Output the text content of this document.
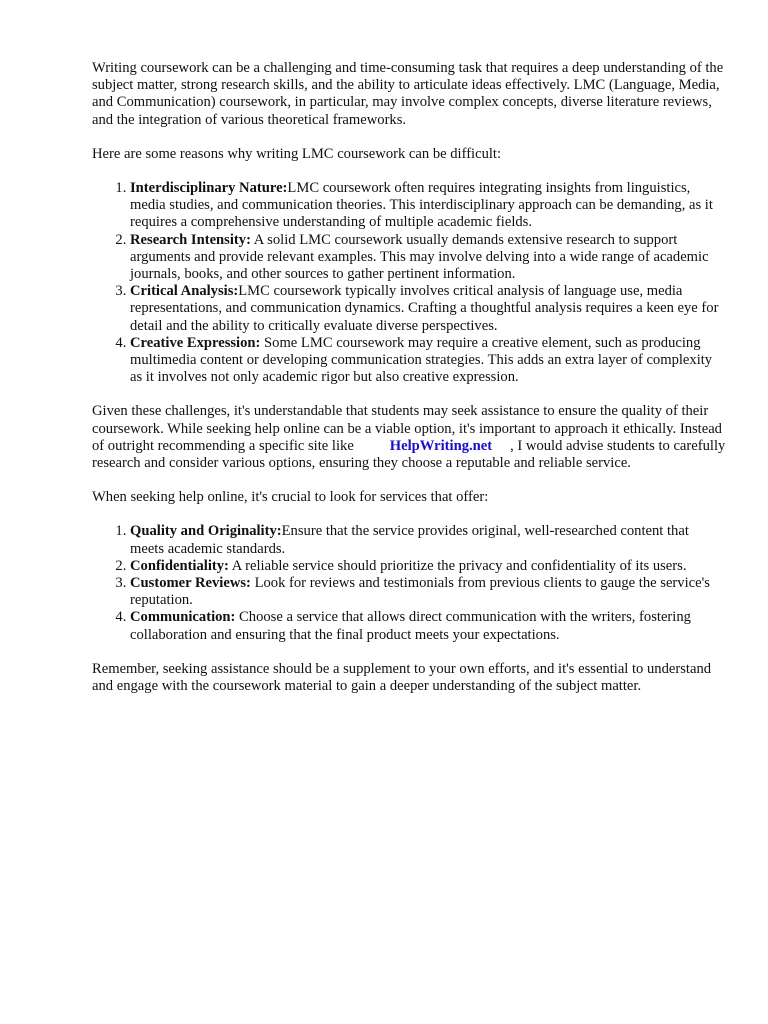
Writing coursework can be a challenging and time-consuming task that requires a deep understanding of the subject matter, strong research skills, and the ability to articulate ideas effectively. LMC (Language, Media, and Communication) coursework, in particular, may involve complex concepts, diverse literature reviews, and the integration of various theoretical frameworks.

Here are some reasons why writing LMC coursework can be difficult:

1. Interdisciplinary Nature:LMC coursework often requires integrating insights from linguistics, media studies, and communication theories. This interdisciplinary approach can be demanding, as it requires a comprehensive understanding of multiple academic fields.
2. Research Intensity: A solid LMC coursework usually demands extensive research to support arguments and provide relevant examples. This may involve delving into a wide range of academic journals, books, and other sources to gather pertinent information.
3. Critical Analysis:LMC coursework typically involves critical analysis of language use, media representations, and communication dynamics. Crafting a thoughtful analysis requires a keen eye for detail and the ability to critically evaluate diverse perspectives.
4. Creative Expression: Some LMC coursework may require a creative element, such as producing multimedia content or developing communication strategies. This adds an extra layer of complexity as it involves not only academic rigor but also creative expression.

Given these challenges, it's understandable that students may seek assistance to ensure the quality of their coursework. While seeking help online can be a viable option, it's important to approach it ethically. Instead of outright recommending a specific site like HelpWriting.net , I would advise students to carefully research and consider various options, ensuring they choose a reputable and reliable service.

When seeking help online, it's crucial to look for services that offer:

1. Quality and Originality:Ensure that the service provides original, well-researched content that meets academic standards.
2. Confidentiality: A reliable service should prioritize the privacy and confidentiality of its users.
3. Customer Reviews: Look for reviews and testimonials from previous clients to gauge the service's reputation.
4. Communication: Choose a service that allows direct communication with the writers, fostering collaboration and ensuring that the final product meets your expectations.

Remember, seeking assistance should be a supplement to your own efforts, and it's essential to understand and engage with the coursework material to gain a deeper understanding of the subject matter.
